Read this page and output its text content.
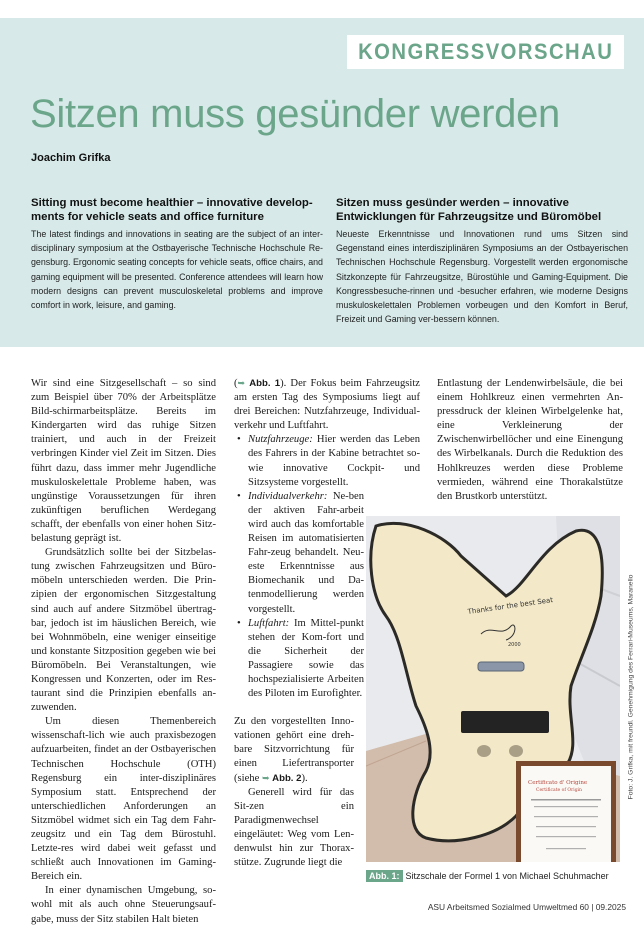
KONGRESSVORSCHAU
Sitzen muss gesünder werden
Joachim Grifka
Sitting must become healthier – innovative develop-ments for vehicle seats and office furniture

The latest findings and innovations in seating are the subject of an inter-disciplinary symposium at the Ostbayerische Technische Hochschule Re-gensburg. Ergonomic seating concepts for vehicle seats, office chairs, and gaming equipment will be presented. Conference attendees will learn how modern designs can prevent musculoskeletal problems and improve comfort in work, leisure, and gaming.

Sitzen muss gesünder werden – innovative Entwicklungen für Fahrzeugsitze und Büromöbel

Neueste Erkenntnisse und Innovationen rund ums Sitzen sind Gegenstand eines interdisziplinären Symposiums an der Ostbayerischen Technischen Hochschule Regensburg. Vorgestellt werden ergonomische Sitzkonzepte für Fahrzeugsitze, Bürostühle und Gaming-Equipment. Die Kongressbesuche-rinnen und -besucher erfahren, wie moderne Designs muskuloskelettalen Problemen vorbeugen und den Komfort in Beruf, Freizeit und Gaming ver-bessern können.

Wir sind eine Sitzgesellschaft – so sind zum Beispiel über 70% der Arbeitsplätze Bild-schirmarbeitsplätze. Bereits im Kindergarten wird das ruhige Sitzen trainiert, und auch in der Freizeit verbringen Kinder viel Zeit im Sitzen. Dies führt dazu, dass immer mehr Jugendliche muskuloskelettale Probleme haben, was ungünstige Voraussetzungen für ihren zukünftigen beruflichen Werdegang schafft, der ebenfalls von einer hohen Sitz-belastung geprägt ist.

Grundsätzlich sollte bei der Sitzbelas-tung zwischen Fahrzeugsitzen und Büro-möbeln unterschieden werden. Die Prin-zipien der ergonomischen Sitzgestaltung sind auch auf andere Sitzmöbel übertrag-bar, jedoch ist im häuslichen Bereich, wie bei Wohnmöbeln, eine weniger einseitige und konstante Sitzposition gegeben wie bei Büromöbeln. Bei Veranstaltungen, wie Kongressen und Konzerten, oder im Res-taurant sind die Prinzipien ebenfalls an-zuwenden.

Um diesen Themenbereich wissenschaft-lich wie auch praxisbezogen aufzuarbeiten, findet an der Ostbayerischen Technischen Hochschule (OTH) Regensburg ein inter-disziplinäres Symposium statt. Entsprechend der unterschiedlichen Anforderungen an Sitzmöbel widmet sich ein Tag dem Fahr-zeugsitz und ein Tag dem Bürostuhl. Letzte-res wird dabei weit gefasst und schließt auch Innovationen im Gaming-Bereich ein.

In einer dynamischen Umgebung, so-wohl mit als auch ohne Steuerungsauf-gabe, muss der Sitz stabilen Halt bieten

(➥ Abb. 1). Der Fokus beim Fahrzeugsitz am ersten Tag des Symposiums liegt auf drei Bereichen: Nutzfahrzeuge, Individual-verkehr und Luftfahrt.

• Nutzfahrzeuge: Hier werden das Leben des Fahrers in der Kabine betrachtet so-wie innovative Cockpit- und Sitzsysteme vorgestellt.
• Individualverkehr: Ne-ben der aktiven Fahr-arbeit wird auch das komfortable Reisen im automatisierten Fahr-zeug behandelt. Neu-este Erkenntnisse aus Biomechanik und Da-tenmodellierung werden vorgestellt.
• Luftfahrt: Im Mittel-punkt stehen der Kom-fort und die Sicherheit der Passagiere sowie das hochspezialisierte Arbeiten des Piloten im Eurofighter.

Zu den vorgestellten Inno-vationen gehört eine dreh-bare Sitzvorrichtung für einen Liefertransporter (siehe ➥ Abb. 2).

Generell wird für das Sit-zen ein Paradigmenwechsel eingeläutet: Weg vom Len-denwulst hin zur Thorax-stütze. Zugrunde liegt die

Entlastung der Lendenwirbelsäule, die bei einem Hohlkreuz einen vermehrten An-pressdruck der kleinen Wirbelgelenke hat, eine Verkleinerung der Zwischenwirbellöcher und eine Einengung des Wirbelkanals. Durch die Reduktion des Hohlkreuzes werden diese Probleme vermieden, während eine Thorakalstütze den Brustkorb unterstützt.

Thanks for the best Seat
2000
Certificato d' Origine
Certificate of Origin	Foto: J. Grifka, mit freundl. Genehmigung des Ferrari-Museums, Maranello
Abb. 1: Sitzschale der Formel 1 von Michael Schuhmacher
ASU Arbeitsmed Sozialmed Umweltmed 60 | 09.2025
